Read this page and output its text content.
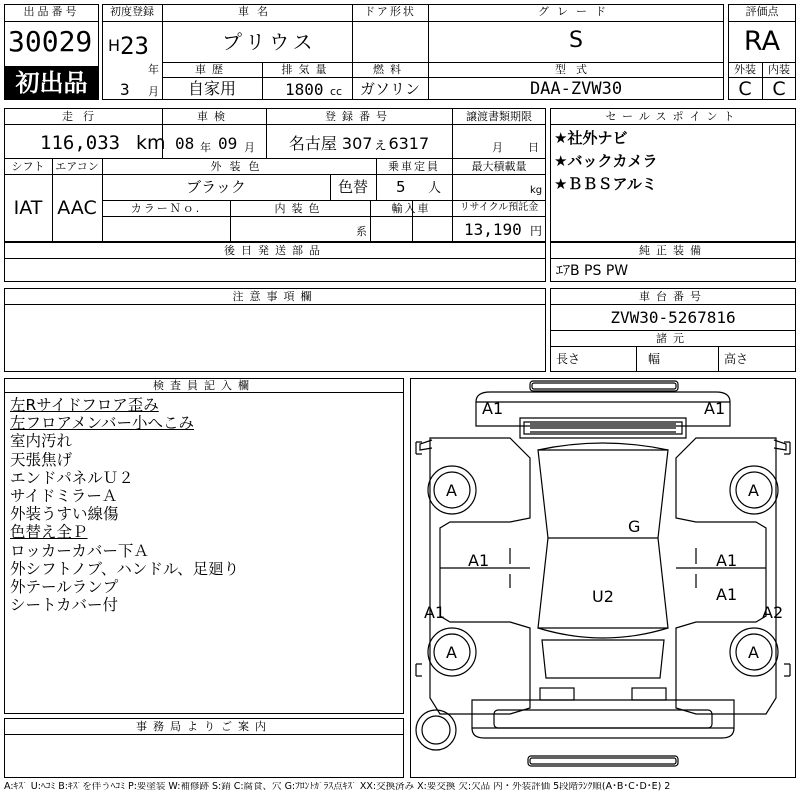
出品番号
30029
初出品
初度登録
H 23
年
3 月
車名
プリウス
ドア形状	グレード
S
車歴
自家用
排気量
1800 cc
燃料
ガソリン
型式
DAA-ZVW30
評価点
RA
外装	内装
C	C
走行
116,033 km
車検
08 年 09 月
登録番号
名古屋 307ぇ6317
譲渡書類期限
月 日
シフト
IAT
エアコン
AAC
外装色
ブラック	色替
乗車定員
5 人
最大積載量
kg
カラーＮｏ.	内装色
系
輸入車	リサイクル預託金
13,190 円
セールスポイント
★社外ナビ
★バックカメラ
★ＢＢＳアルミ
後日発送部品	純正装備
ｴｱB PS PW
注意事項欄	車台番号
ZVW30-5267816
諸元
長さ	幅	高さ
検査員記入欄
左Rサイドフロア歪み
左フロアメンバー小へこみ
室内汚れ
天張焦げ
エンドパネルＵ２
サイドミラーＡ
外装うすい線傷
色替え全Ｐ
ロッカーカバー下Ａ
外シフトノブ、ハンドル、足廻り
外テールランプ
シートカバー付
事務局よりご案内
A1	A1
A	A
A1
G
A1
U2	A1
A1	A2
A	A
A:ｷｽﾞ U:ﾍｺﾐ B:ｷｽﾞを伴うﾍｺﾐ P:要塗装 W:補修跡 S:錆 C:腐食、穴 G:ﾌﾛﾝﾄｶﾞﾗｽ点ｷｽﾞ XX:交換済み X:要交換 欠:欠品 内・外装評価 5段階ﾗﾝｸ順(A･B･C･D･E) 2
